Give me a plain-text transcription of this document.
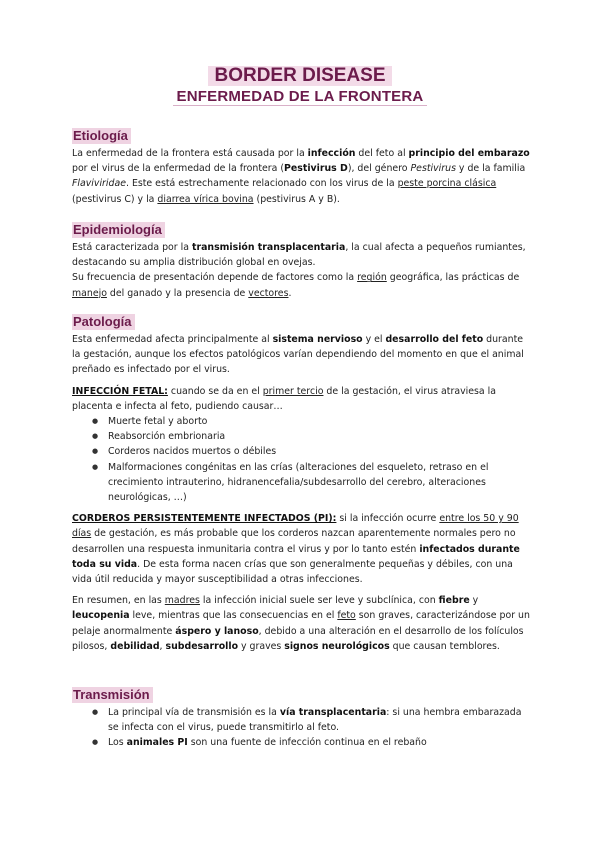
BORDER DISEASE
ENFERMEDAD DE LA FRONTERA
Etiología

La enfermedad de la frontera está causada por la infección del feto al principio del embarazo por el virus de la enfermedad de la frontera (Pestivirus D), del género Pestivirus y de la familia Flaviviridae. Este está estrechamente relacionado con los virus de la peste porcina clásica (pestivirus C) y la diarrea vírica bovina (pestivirus A y B).

Epidemiología

Está caracterizada por la transmisión transplacentaria, la cual afecta a pequeños rumiantes, destacando su amplia distribución global en ovejas.

Su frecuencia de presentación depende de factores como la región geográfica, las prácticas de manejo del ganado y la presencia de vectores.

Patología

Esta enfermedad afecta principalmente al sistema nervioso y el desarrollo del feto durante la gestación, aunque los efectos patológicos varían dependiendo del momento en que el animal preñado es infectado por el virus.

INFECCIÓN FETAL: cuando se da en el primer tercio de la gestación, el virus atraviesa la placenta e infecta al feto, pudiendo causar…

● Muerte fetal y aborto
● Reabsorción embrionaria
● Corderos nacidos muertos o débiles
● Malformaciones congénitas en las crías (alteraciones del esqueleto, retraso en el crecimiento intrauterino, hidranencefalia/subdesarrollo del cerebro, alteraciones neurológicas, …)

CORDEROS PERSISTENTEMENTE INFECTADOS (PI): si la infección ocurre entre los 50 y 90 días de gestación, es más probable que los corderos nazcan aparentemente normales pero no desarrollen una respuesta inmunitaria contra el virus y por lo tanto estén infectados durante toda su vida. De esta forma nacen crías que son generalmente pequeñas y débiles, con una vida útil reducida y mayor susceptibilidad a otras infecciones.

En resumen, en las madres la infección inicial suele ser leve y subclínica, con fiebre y leucopenia leve, mientras que las consecuencias en el feto son graves, caracterizándose por un pelaje anormalmente áspero y lanoso, debido a una alteración en el desarrollo de los folículos pilosos, debilidad, subdesarrollo y graves signos neurológicos que causan temblores.

Transmisión
● La principal vía de transmisión es la vía transplacentaria: si una hembra embarazada se infecta con el virus, puede transmitirlo al feto.
● Los animales PI son una fuente de infección continua en el rebaño
